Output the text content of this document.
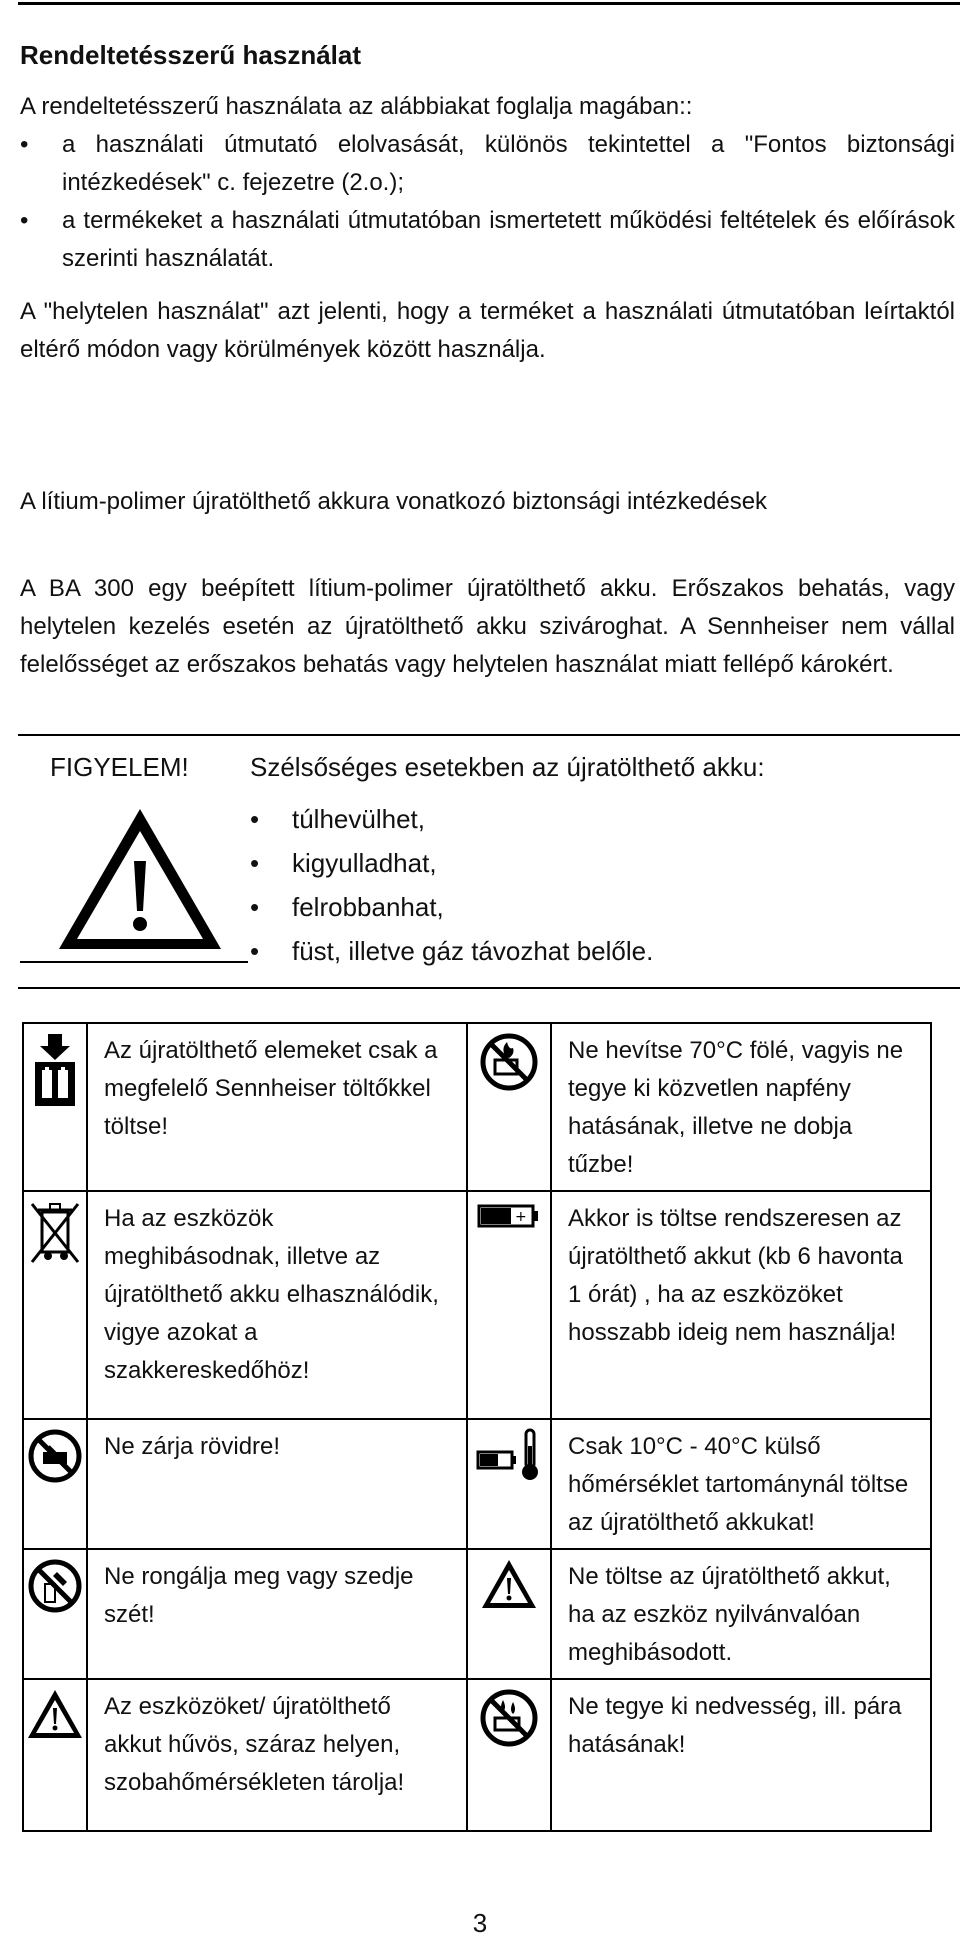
Rendeltetésszerű használat

A rendeltetésszerű használata az alábbiakat foglalja magában::

• a használati útmutató elolvasását, különös tekintettel a "Fontos biztonsági intézkedések" c. fejezetre (2.o.);
• a termékeket a használati útmutatóban ismertetett működési feltételek és előírások szerinti használatát.

A "helytelen használat" azt jelenti, hogy a terméket a használati útmutatóban leírtaktól eltérő módon vagy körülmények között használja.

A lítium-polimer újratölthető akkura vonatkozó biztonsági intézkedések

A BA 300 egy beépített lítium-polimer újratölthető akku. Erőszakos behatás, vagy helytelen kezelés esetén az újratölthető akku szivároghat. A Sennheiser nem vállal felelősséget az erőszakos behatás vagy helytelen használat miatt fellépő károkért.

FIGYELEM! Szélsőséges esetekben az újratölthető akku:
• túlhevülhet,
• kigyulladhat,
• felrobbanhat,
• füst, illetve gáz távozhat belőle.
	Az újratölthető elemeket csak a megfelelő Sennheiser töltőkkel töltse!		Ne hevítse 70°C fölé, vagyis ne tegye ki közvetlen napfény hatásának, illetve ne dobja tűzbe!
	Ha az eszközök meghibásodnak, illetve az újratölthető akku elhasználódik, vigye azokat a szakkereskedőhöz!	+	Akkor is töltse rendszeresen az újratölthető akkut (kb 6 havonta 1 órát) , ha az eszközöket hosszabb ideig nem használja!
	Ne zárja rövidre!		Csak 10°C - 40°C külső hőmérséklet tartománynál töltse az újratölthető akkukat!
	Ne rongálja meg vagy szedje szét!		Ne töltse az újratölthető akkut, ha az eszköz nyilvánvalóan meghibásodott.
	Az eszközöket/ újratölthető akkut hűvös, száraz helyen, szobahőmérsékleten tárolja!		Ne tegye ki nedvesség, ill. pára hatásának!
3
